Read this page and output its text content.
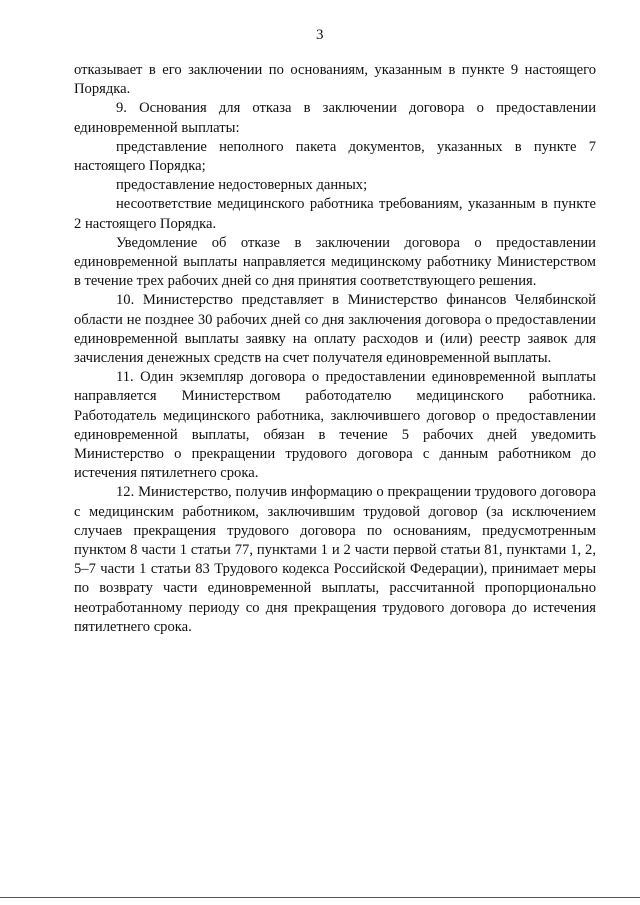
3

отказывает в его заключении по основаниям, указанным в пункте 9 настоящего Порядка.

9. Основания для отказа в заключении договора о предоставлении единовременной выплаты:

представление неполного пакета документов, указанных в пункте 7 настоящего Порядка;

предоставление недостоверных данных;

несоответствие медицинского работника требованиям, указанным в пункте 2 настоящего Порядка.

Уведомление об отказе в заключении договора о предоставлении единовременной выплаты направляется медицинскому работнику Министерством в течение трех рабочих дней со дня принятия соответствующего решения.

10. Министерство представляет в Министерство финансов Челябинской области не позднее 30 рабочих дней со дня заключения договора о предоставлении единовременной выплаты заявку на оплату расходов и (или) реестр заявок для зачисления денежных средств на счет получателя единовременной выплаты.

11. Один экземпляр договора о предоставлении единовременной выплаты направляется Министерством работодателю медицинского работника. Работодатель медицинского работника, заключившего договор о предоставлении единовременной выплаты, обязан в течение 5 рабочих дней уведомить Министерство о прекращении трудового договора с данным работником до истечения пятилетнего срока.

12. Министерство, получив информацию о прекращении трудового договора с медицинским работником, заключившим трудовой договор (за исключением случаев прекращения трудового договора по основаниям, предусмотренным пунктом 8 части 1 статьи 77, пунктами 1 и 2 части первой статьи 81, пунктами 1, 2, 5–7 части 1 статьи 83 Трудового кодекса Российской Федерации), принимает меры по возврату части единовременной выплаты, рассчитанной пропорционально неотработанному периоду со дня прекращения трудового договора до истечения пятилетнего срока.
